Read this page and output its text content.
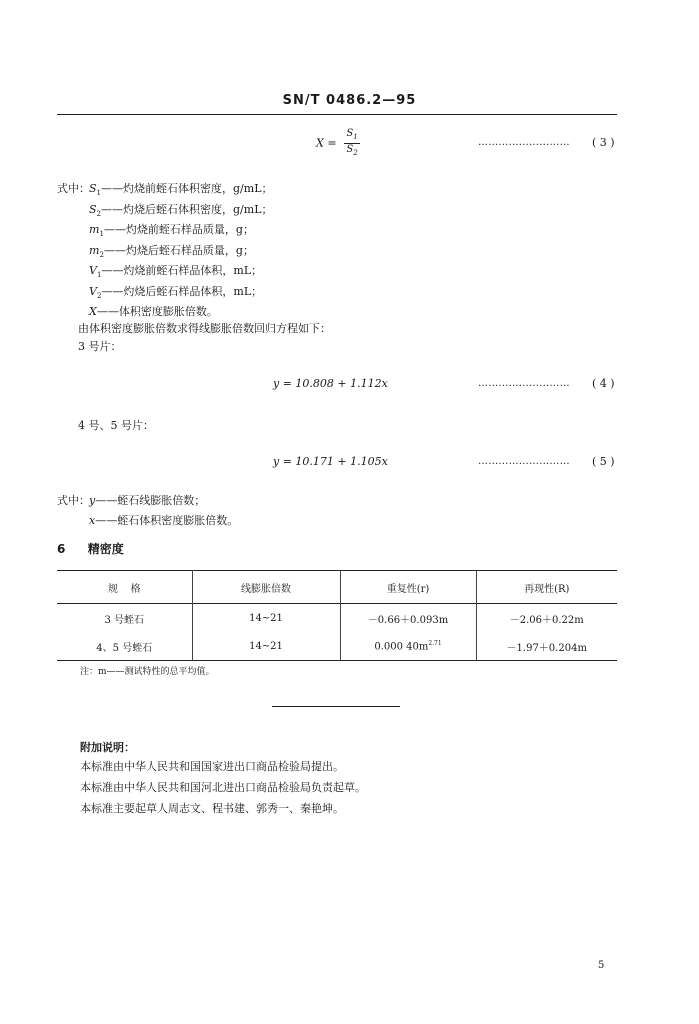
SN/T 0486.2—95
$X = \frac{S_1}{S_2}$	……………………… ( 3 )
式中： $S_1——$灼烧前蛭石体积密度，g/mL；
$S_2——$灼烧后蛭石体积密度，g/mL；
$m_1——$灼烧前蛭石样品质量，g；
$m_2——$灼烧后蛭石样品质量，g；
$V_1——$灼烧前蛭石样品体积，mL；
$V_2——$灼烧后蛭石样品体积，mL；
X——体积密度膨胀倍数。
由体积密度膨胀倍数求得线膨胀倍数回归方程如下：
3 号片：
y = 10.808 + 1.112x	……………………… ( 4 )
4 号、5 号片：
y = 10.171 + 1.105x	……………………… ( 5 )
式中： y——蛭石线膨胀倍数；
x——蛭石体积密度膨胀倍数。
6 精密度
规    格	线膨胀倍数	重复性(r)	再现性(R)
3 号蛭石	14~21	－0.66＋0.093m	－2.06＋0.22m
4、5 号蛭石	14~21	0.000 $40m^{2.71}$	－1.97＋0.204m
注：m——测试特性的总平均值。
附加说明：
本标准由中华人民共和国国家进出口商品检验局提出。
本标准由中华人民共和国河北进出口商品检验局负责起草。
本标准主要起草人周志文、程书建、郭秀一、秦艳坤。
5
